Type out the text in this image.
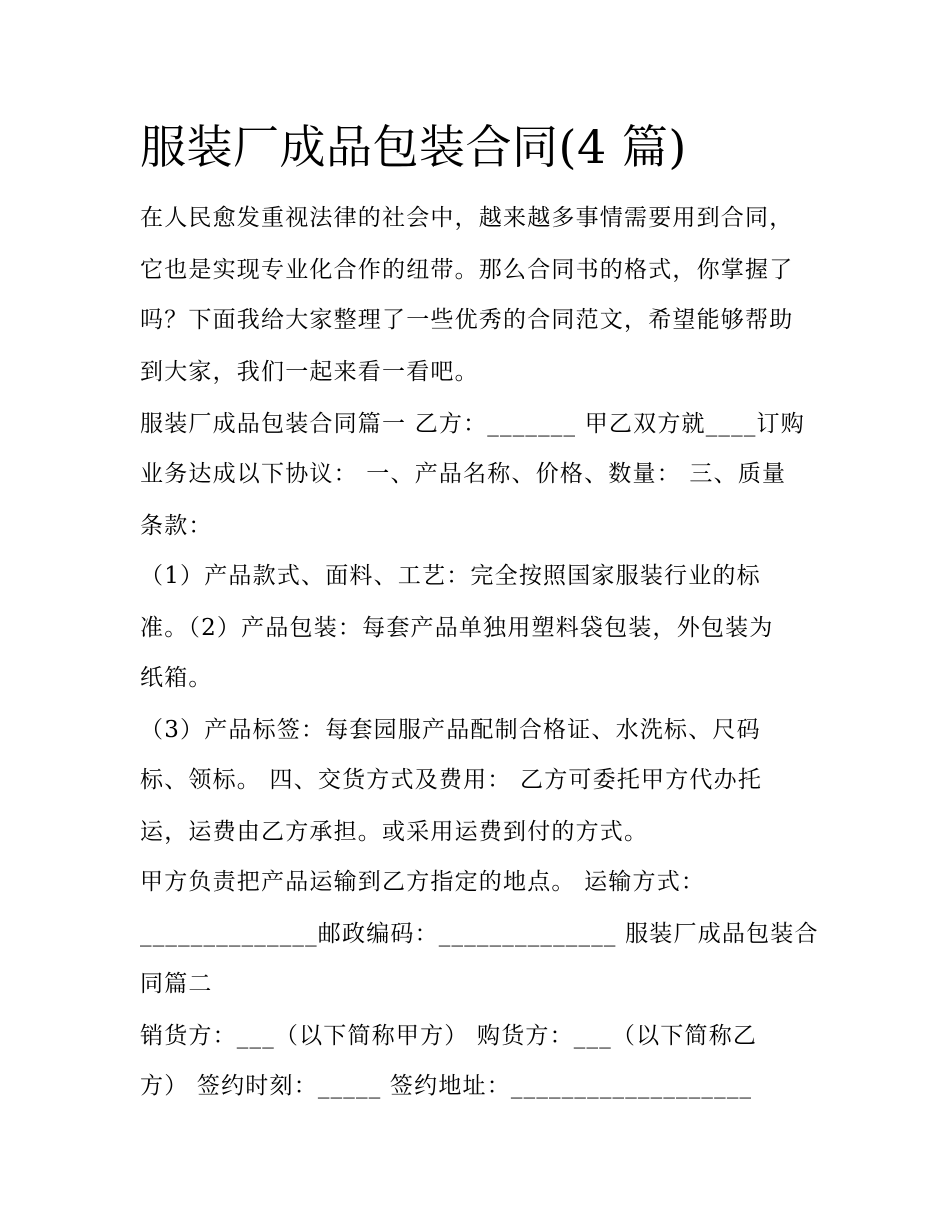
服装厂成品包装合同(4 篇)

在人民愈发重视法律的社会中，越来越多事情需要用到合同，

它也是实现专业化合作的纽带。那么合同书的格式，你掌握了

吗？下面我给大家整理了一些优秀的合同范文，希望能够帮助

到大家，我们一起来看一看吧。

服装厂成品包装合同篇一 乙方：_______ 甲乙双方就____订购

业务达成以下协议： 一、产品名称、价格、数量： 三、质量

条款：

（1）产品款式、面料、工艺：完全按照国家服装行业的标

准。（2）产品包装：每套产品单独用塑料袋包装，外包装为

纸箱。

（3）产品标签：每套园服产品配制合格证、水洗标、尺码

标、领标。 四、交货方式及费用： 乙方可委托甲方代办托

运，运费由乙方承担。或采用运费到付的方式。

甲方负责把产品运输到乙方指定的地点。 运输方式：

______________邮政编码：______________ 服装厂成品包装合

同篇二

销货方：___（以下简称甲方） 购货方：___（以下简称乙

方） 签约时刻：_____ 签约地址：___________________
